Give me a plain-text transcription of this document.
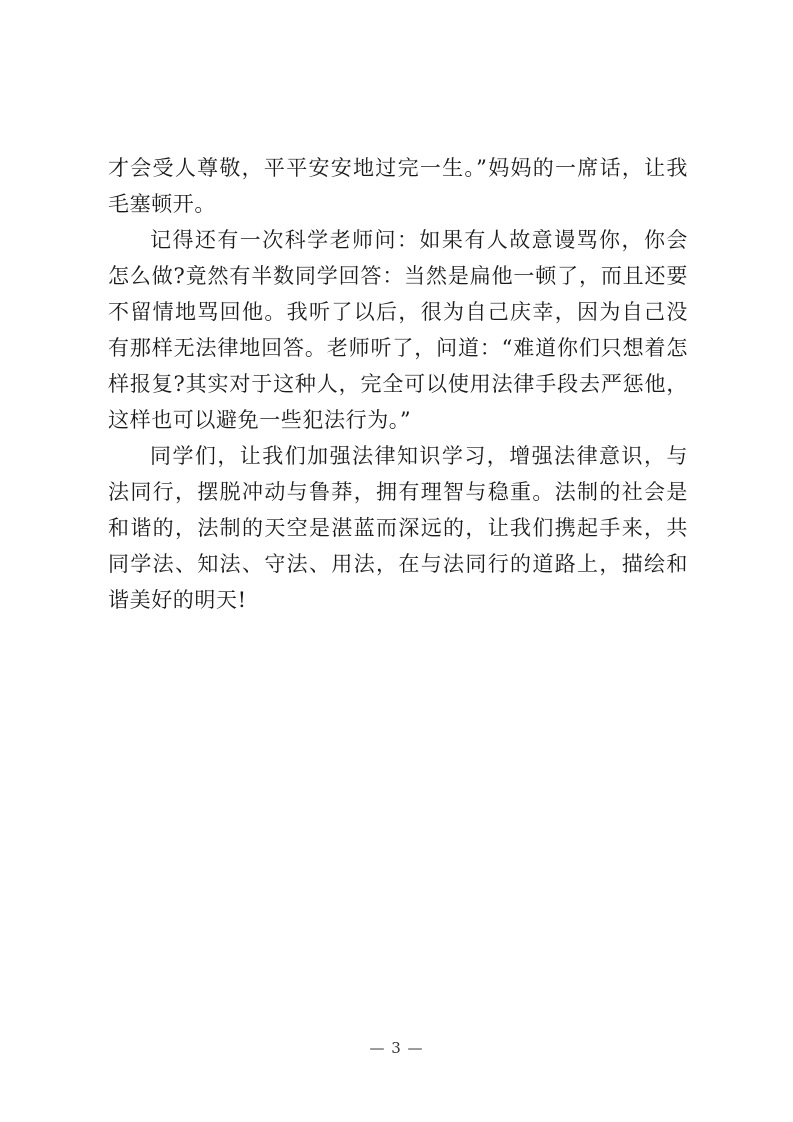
才会受人尊敬，平平安安地过完一生。”妈妈的一席话，让我毛塞顿开。

记得还有一次科学老师问：如果有人故意谩骂你，你会怎么做?竟然有半数同学回答：当然是扁他一顿了，而且还要不留情地骂回他。我听了以后，很为自己庆幸，因为自己没有那样无法律地回答。老师听了，问道：“难道你们只想着怎样报复?其实对于这种人，完全可以使用法律手段去严惩他，这样也可以避免一些犯法行为。”

同学们，让我们加强法律知识学习，增强法律意识，与法同行，摆脱冲动与鲁莽，拥有理智与稳重。法制的社会是和谐的，法制的天空是湛蓝而深远的，让我们携起手来，共同学法、知法、守法、用法，在与法同行的道路上，描绘和谐美好的明天!

— 3 —
